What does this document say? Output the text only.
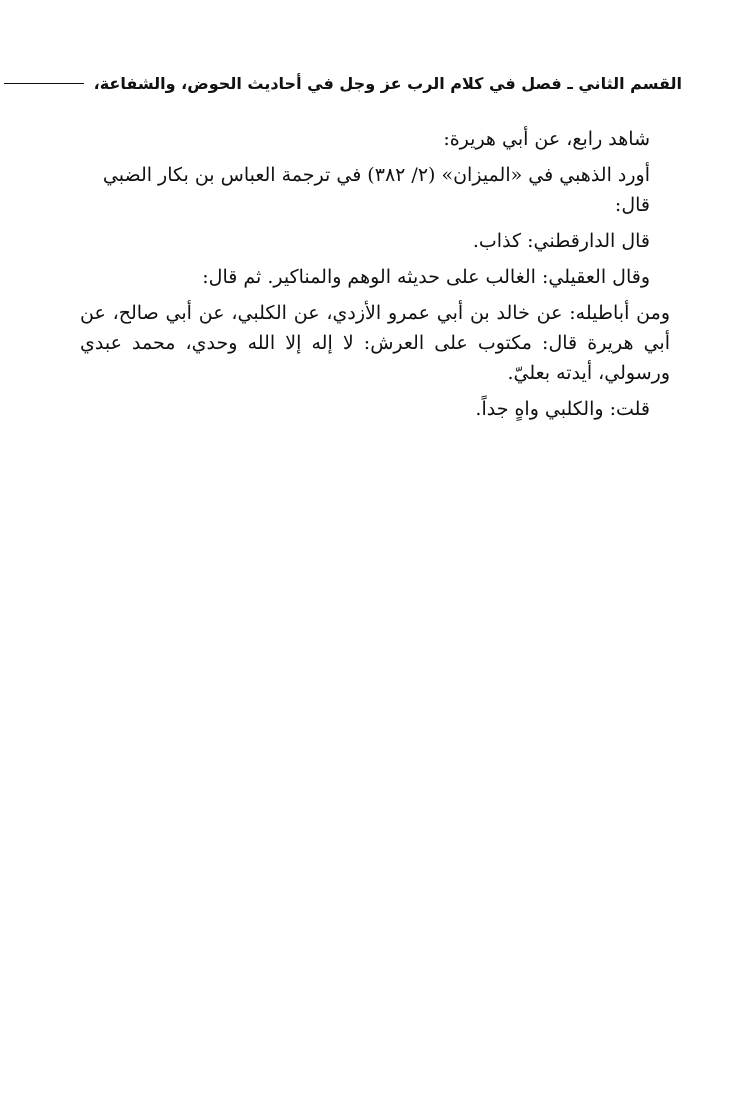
القسم الثاني ـ فصل في كلام الرب عز وجل في أحاديث الحوض، والشفاعة،

شاهد رابع، عن أبي هريرة:

أورد الذهبي في «الميزان» (٢/ ٣٨٢) في ترجمة العباس بن بكار الضبي قال:

قال الدارقطني: كذاب.

وقال العقيلي: الغالب على حديثه الوهم والمناكير. ثم قال:

ومن أباطيله: عن خالد بن أبي عمرو الأزدي، عن الكلبي، عن أبي صالح، عن أبي هريرة قال: مكتوب على العرش: لا إله إلا الله وحدي، محمد عبدي ورسولي، أيدته بعليّ.

قلت: والكلبي واهٍ جداً.
